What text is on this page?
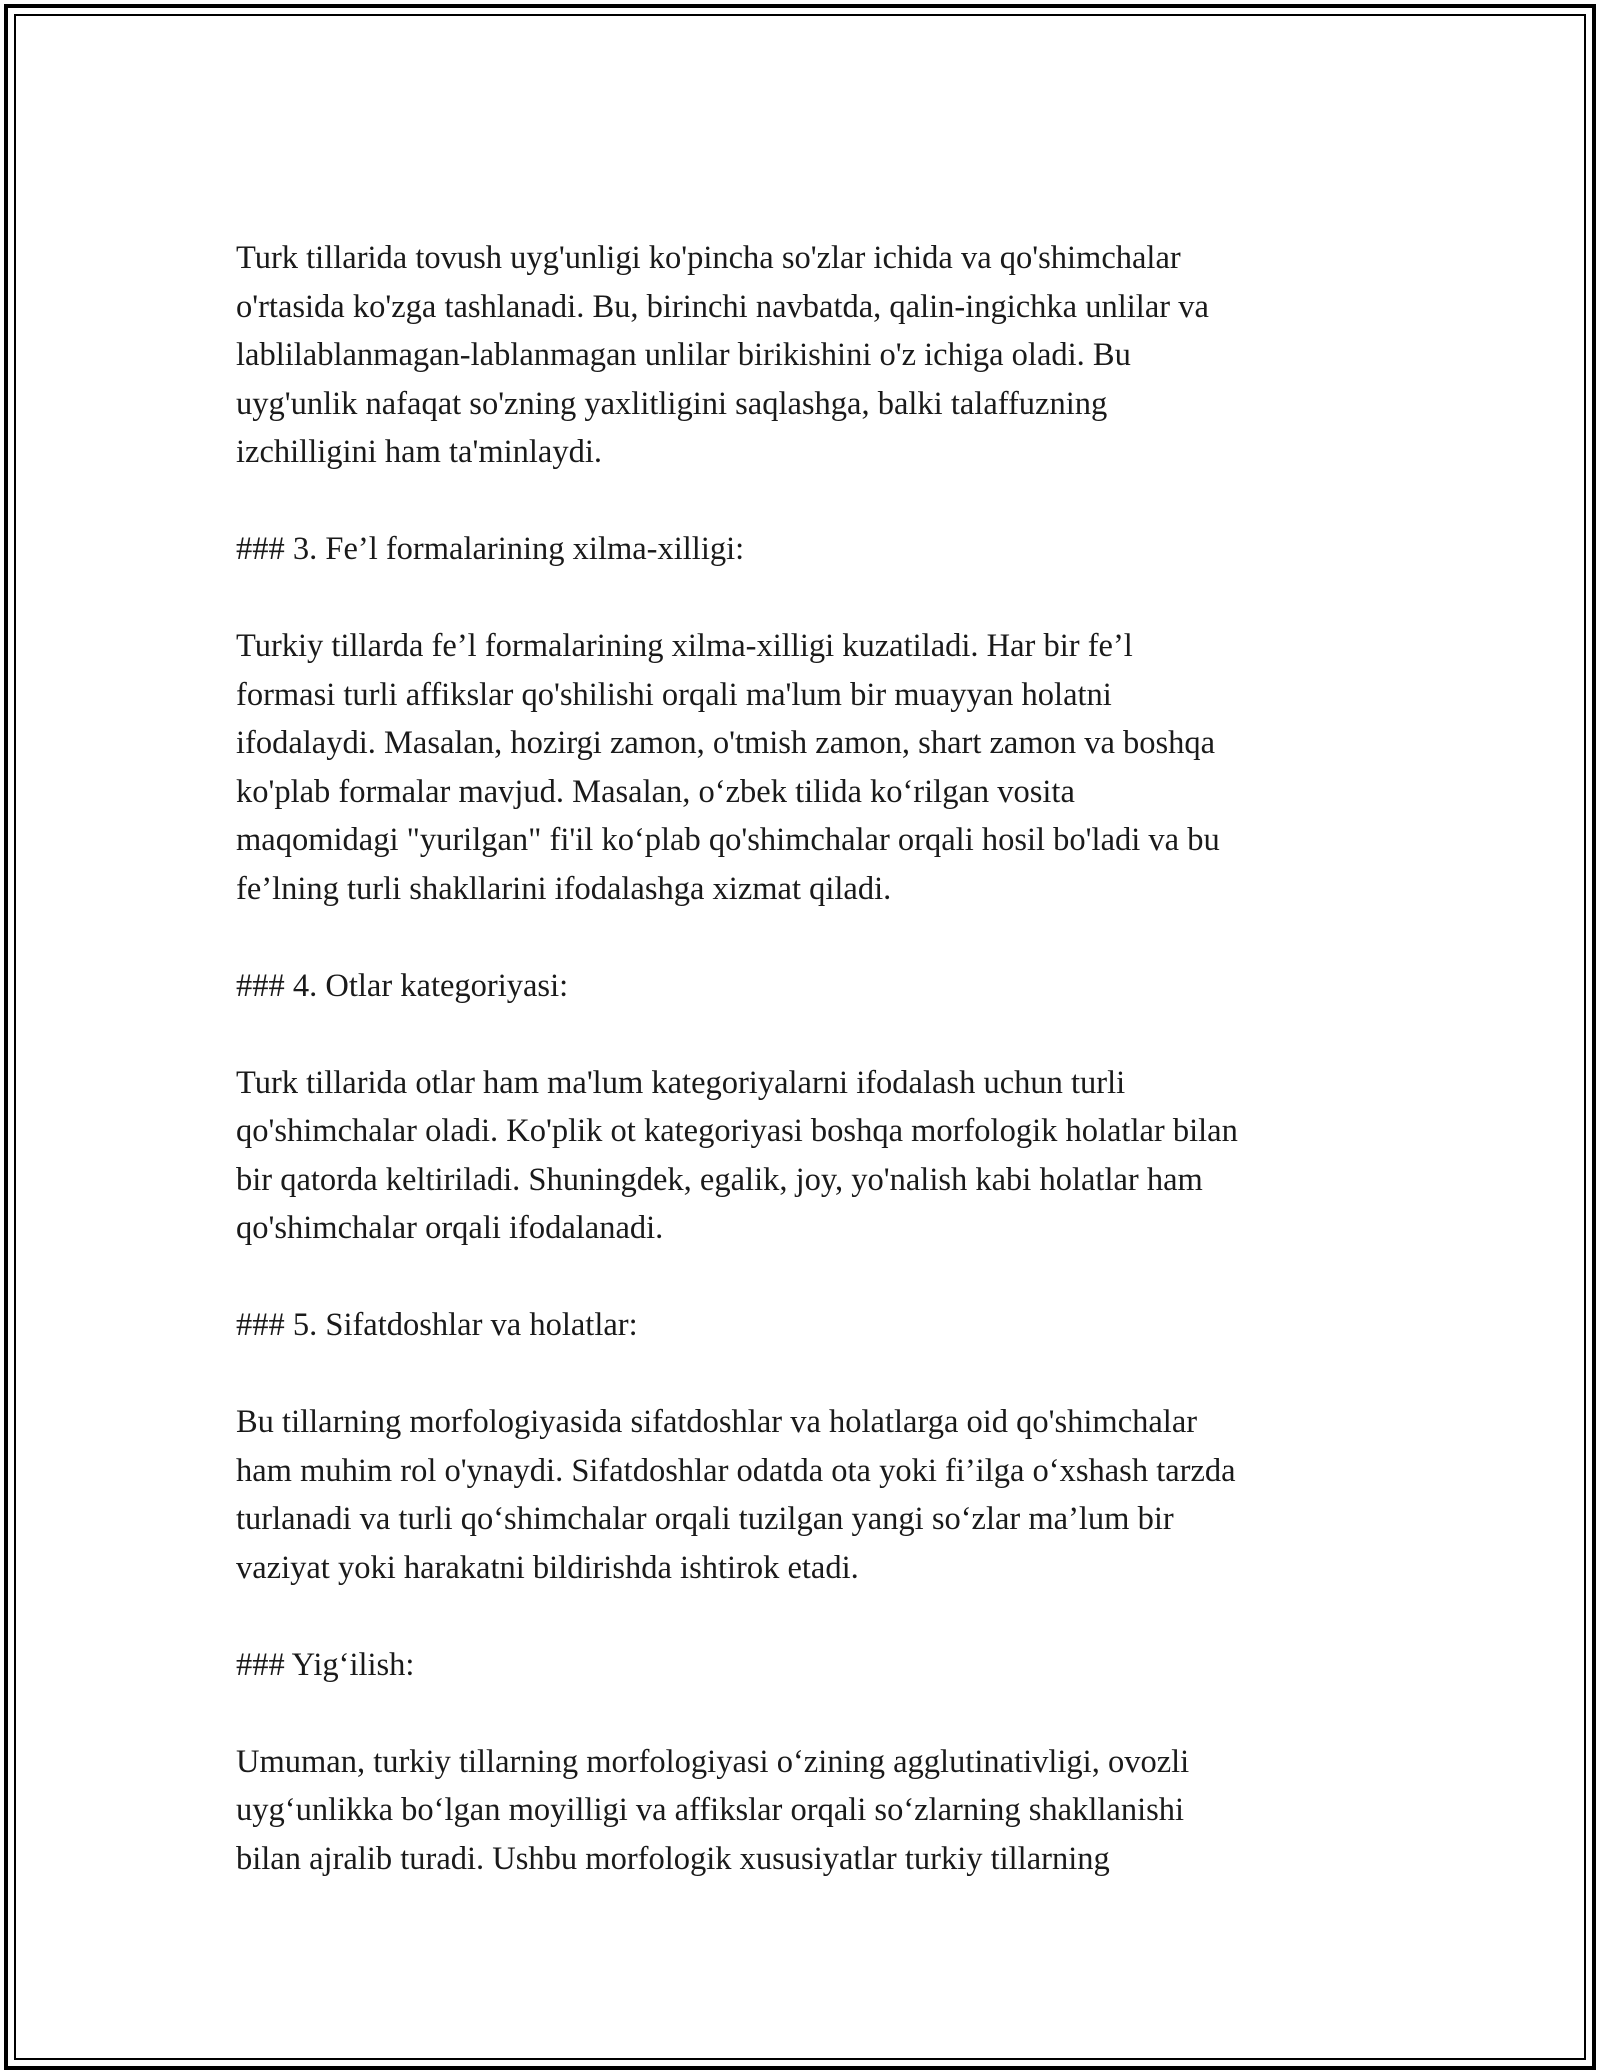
Turk tillarida tovush uyg'unligi ko'pincha so'zlar ichida va qo'shimchalar
o'rtasida ko'zga tashlanadi. Bu, birinchi navbatda, qalin-ingichka unlilar va
lablilablanmagan-lablanmagan unlilar birikishini o'z ichiga oladi. Bu
uyg'unlik nafaqat so'zning yaxlitligini saqlashga, balki talaffuzning
izchilligini ham ta'minlaydi.

### 3. Fe’l formalarining xilma-xilligi:

Turkiy tillarda fe’l formalarining xilma-xilligi kuzatiladi. Har bir fe’l
formasi turli affikslar qo'shilishi orqali ma'lum bir muayyan holatni
ifodalaydi. Masalan, hozirgi zamon, o'tmish zamon, shart zamon va boshqa
ko'plab formalar mavjud. Masalan, o‘zbek tilida ko‘rilgan vosita
maqomidagi "yurilgan" fi'il ko‘plab qo'shimchalar orqali hosil bo'ladi va bu
fe’lning turli shakllarini ifodalashga xizmat qiladi.

### 4. Otlar kategoriyasi:

Turk tillarida otlar ham ma'lum kategoriyalarni ifodalash uchun turli
qo'shimchalar oladi. Ko'plik ot kategoriyasi boshqa morfologik holatlar bilan
bir qatorda keltiriladi. Shuningdek, egalik, joy, yo'nalish kabi holatlar ham
qo'shimchalar orqali ifodalanadi.

### 5. Sifatdoshlar va holatlar:

Bu tillarning morfologiyasida sifatdoshlar va holatlarga oid qo'shimchalar
ham muhim rol o'ynaydi. Sifatdoshlar odatda ota yoki fi’ilga o‘xshash tarzda
turlanadi va turli qo‘shimchalar orqali tuzilgan yangi so‘zlar ma’lum bir
vaziyat yoki harakatni bildirishda ishtirok etadi.

### Yig‘ilish:

Umuman, turkiy tillarning morfologiyasi o‘zining agglutinativligi, ovozli
uyg‘unlikka bo‘lgan moyilligi va affikslar orqali so‘zlarning shakllanishi
bilan ajralib turadi. Ushbu morfologik xususiyatlar turkiy tillarning
